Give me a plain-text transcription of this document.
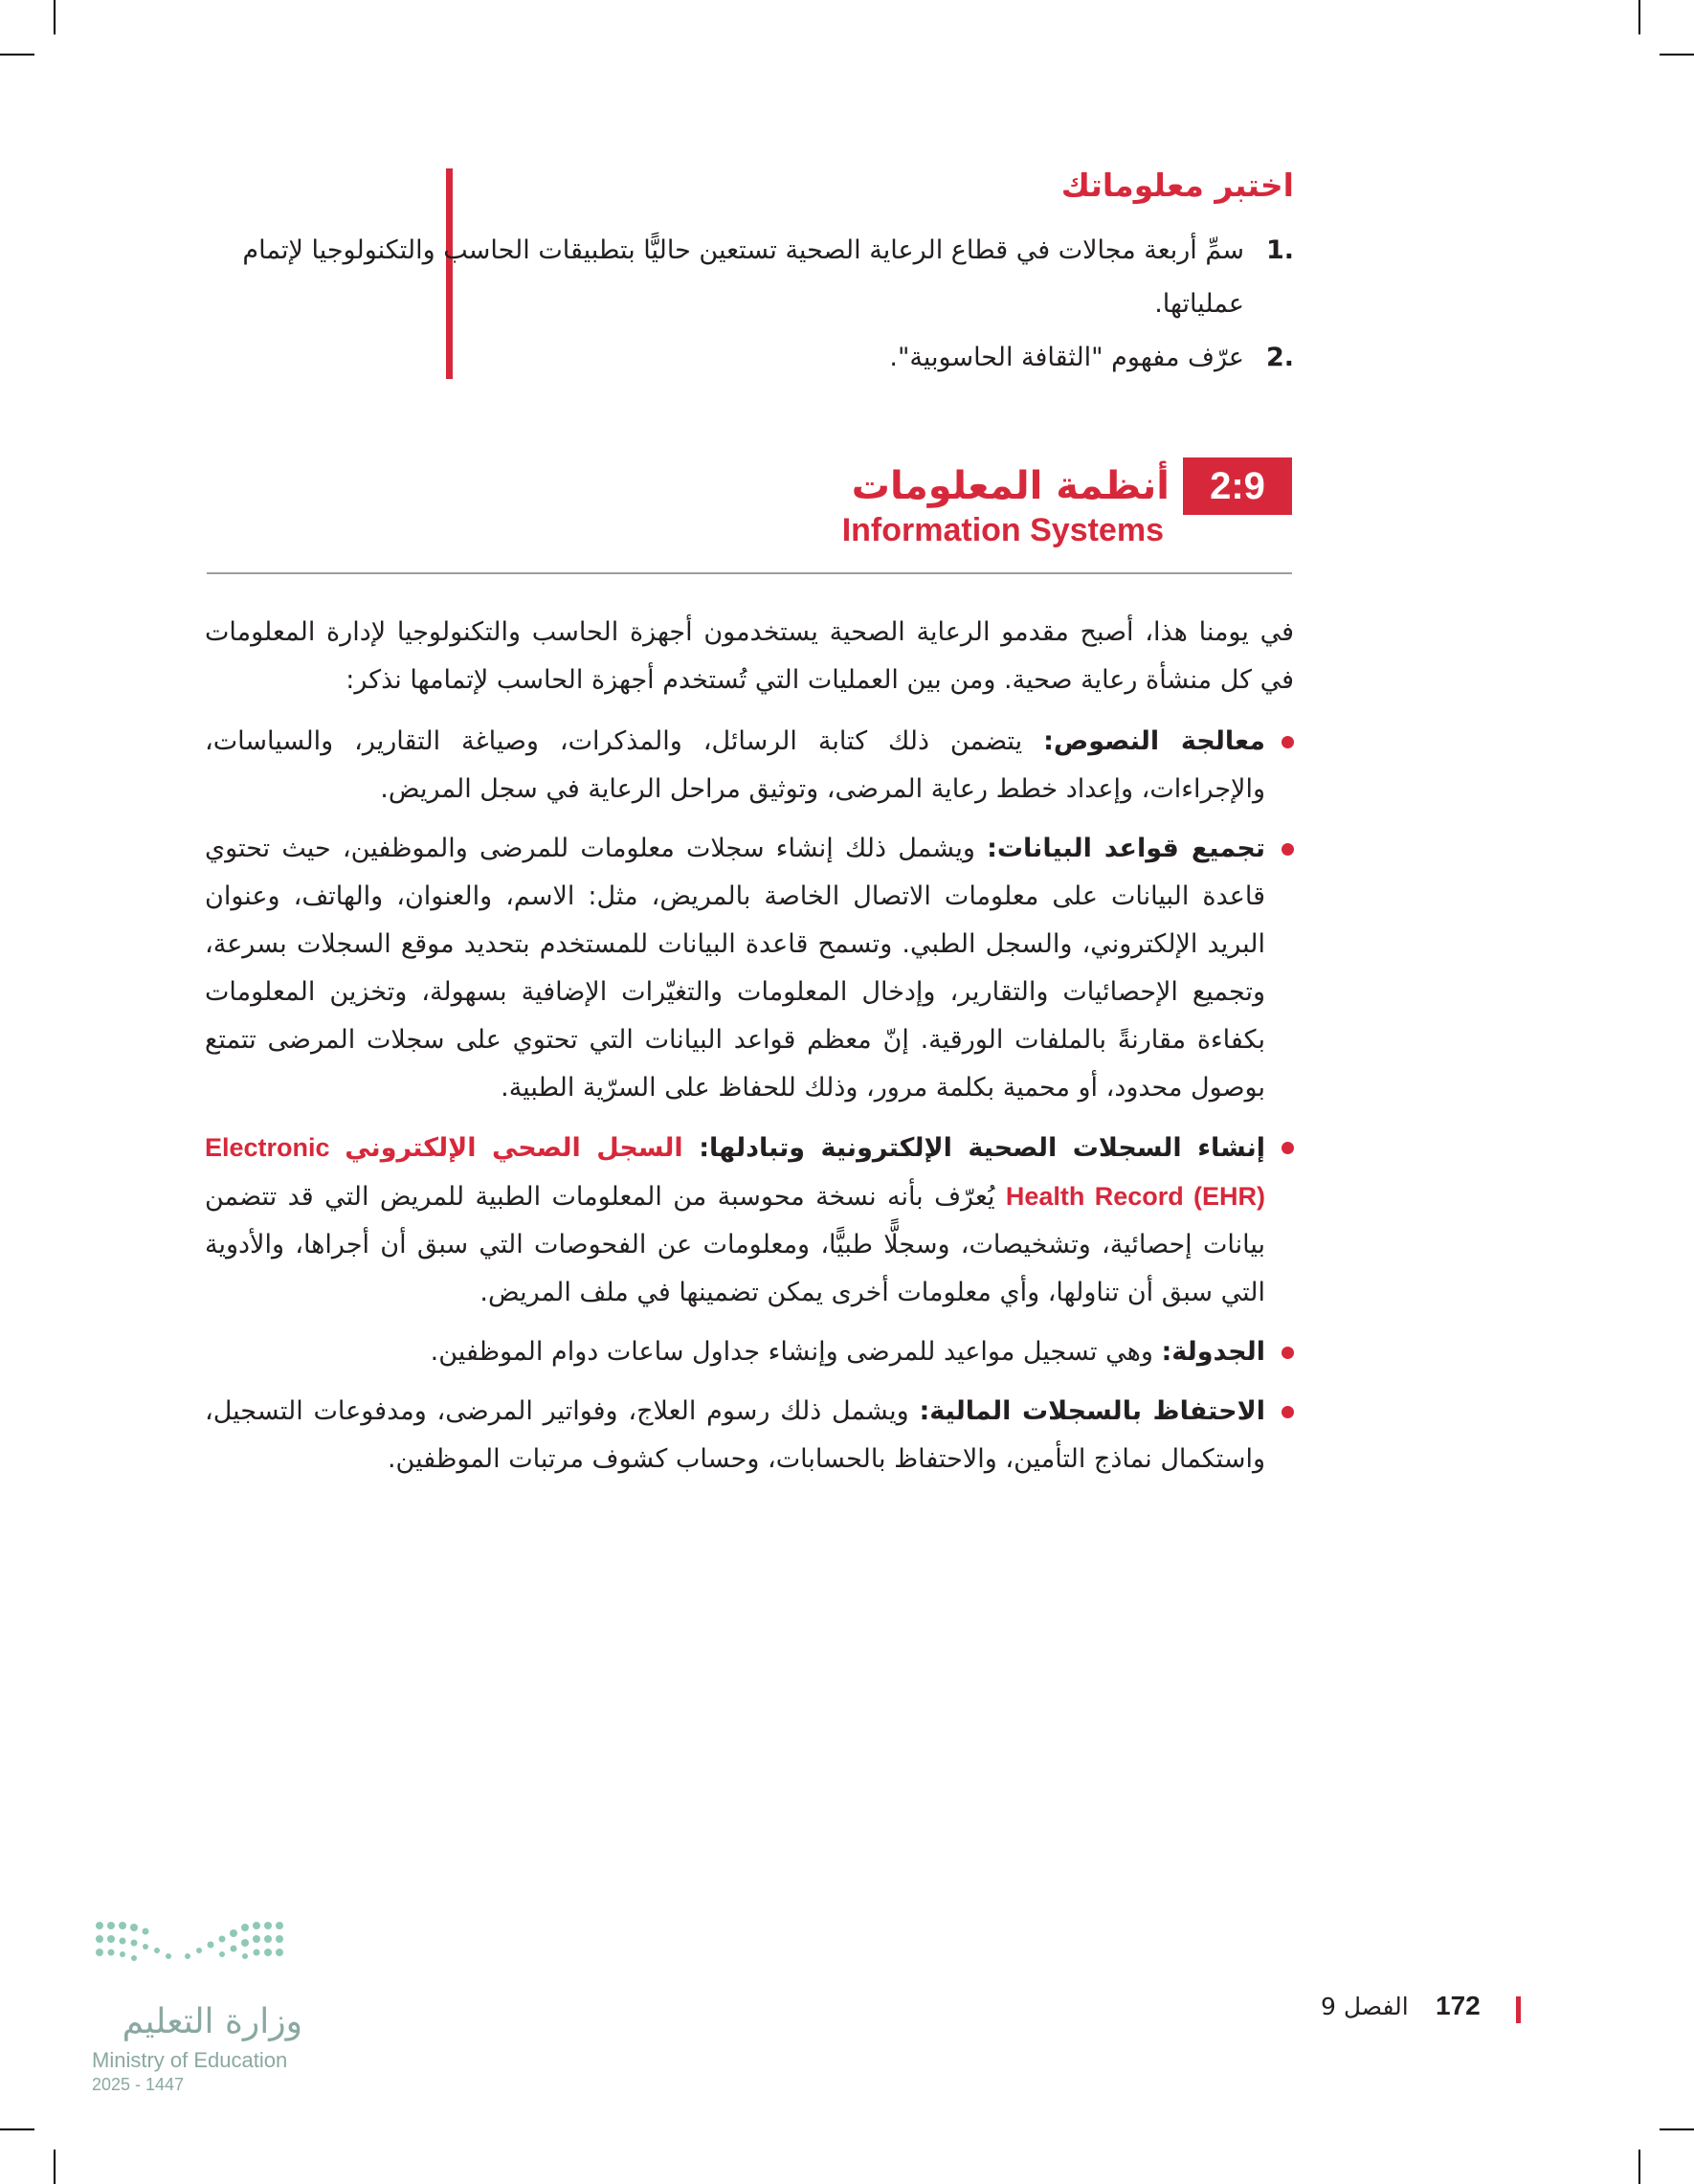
اختبر معلوماتك
.1
سمِّ أربعة مجالات في قطاع الرعاية الصحية تستعين حاليًّا بتطبيقات الحاسب والتكنولوجيا لإتمام عملياتها.
.2
عرّف مفهوم "الثقافة الحاسوبية".
2:9
أنظمة المعلومات
Information Systems

في يومنا هذا، أصبح مقدمو الرعاية الصحية يستخدمون أجهزة الحاسب والتكنولوجيا لإدارة المعلومات في كل منشأة رعاية صحية. ومن بين العمليات التي تُستخدم أجهزة الحاسب لإتمامها نذكر:

معالجة النصوص: يتضمن ذلك كتابة الرسائل، والمذكرات، وصياغة التقارير، والسياسات، والإجراءات، وإعداد خطط رعاية المرضى، وتوثيق مراحل الرعاية في سجل المريض.
تجميع قواعد البيانات: ويشمل ذلك إنشاء سجلات معلومات للمرضى والموظفين، حيث تحتوي قاعدة البيانات على معلومات الاتصال الخاصة بالمريض، مثل: الاسم، والعنوان، والهاتف، وعنوان البريد الإلكتروني، والسجل الطبي. وتسمح قاعدة البيانات للمستخدم بتحديد موقع السجلات بسرعة، وتجميع الإحصائيات والتقارير، وإدخال المعلومات والتغيّرات الإضافية بسهولة، وتخزين المعلومات بكفاءة مقارنةً بالملفات الورقية. إنّ معظم قواعد البيانات التي تحتوي على سجلات المرضى تتمتع بوصول محدود، أو محمية بكلمة مرور، وذلك للحفاظ على السرّية الطبية.
إنشاء السجلات الصحية الإلكترونية وتبادلها: السجل الصحي الإلكتروني Electronic Health Record (EHR) يُعرّف بأنه نسخة محوسبة من المعلومات الطبية للمريض التي قد تتضمن بيانات إحصائية، وتشخيصات، وسجلًّا طبيًّا، ومعلومات عن الفحوصات التي سبق أن أجراها، والأدوية التي سبق أن تناولها، وأي معلومات أخرى يمكن تضمينها في ملف المريض.
الجدولة: وهي تسجيل مواعيد للمرضى وإنشاء جداول ساعات دوام الموظفين.
الاحتفاظ بالسجلات المالية: ويشمل ذلك رسوم العلاج، وفواتير المرضى، ومدفوعات التسجيل، واستكمال نماذج التأمين، والاحتفاظ بالحسابات، وحساب كشوف مرتبات الموظفين.
172
الفصل 9
وزارة التعليم
Ministry of Education
2025 - 1447
